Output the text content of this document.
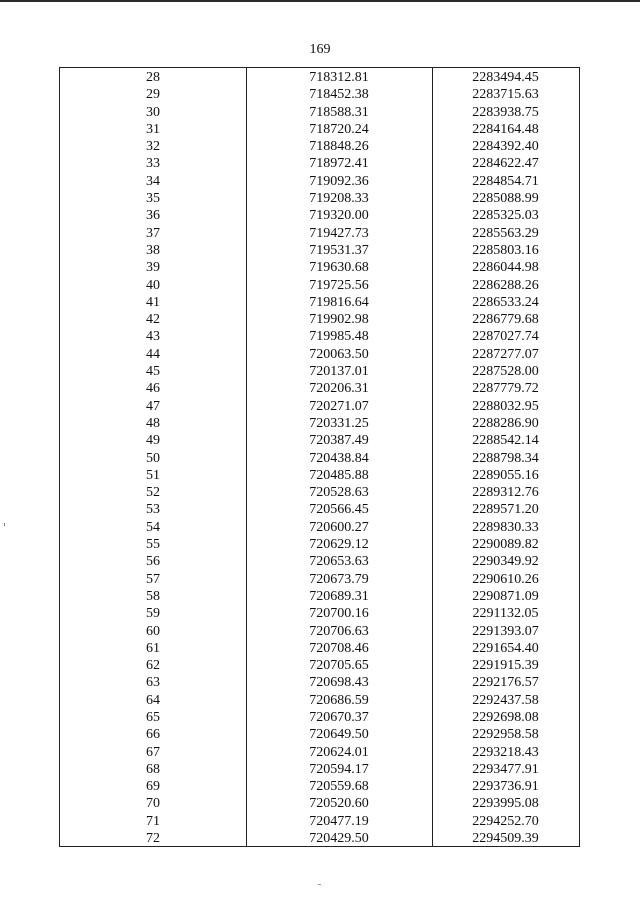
169
28	718312.81	2283494.45
29	718452.38	2283715.63
30	718588.31	2283938.75
31	718720.24	2284164.48
32	718848.26	2284392.40
33	718972.41	2284622.47
34	719092.36	2284854.71
35	719208.33	2285088.99
36	719320.00	2285325.03
37	719427.73	2285563.29
38	719531.37	2285803.16
39	719630.68	2286044.98
40	719725.56	2286288.26
41	719816.64	2286533.24
42	719902.98	2286779.68
43	719985.48	2287027.74
44	720063.50	2287277.07
45	720137.01	2287528.00
46	720206.31	2287779.72
47	720271.07	2288032.95
48	720331.25	2288286.90
49	720387.49	2288542.14
50	720438.84	2288798.34
51	720485.88	2289055.16
52	720528.63	2289312.76
53	720566.45	2289571.20
54	720600.27	2289830.33
55	720629.12	2290089.82
56	720653.63	2290349.92
57	720673.79	2290610.26
58	720689.31	2290871.09
59	720700.16	2291132.05
60	720706.63	2291393.07
61	720708.46	2291654.40
62	720705.65	2291915.39
63	720698.43	2292176.57
64	720686.59	2292437.58
65	720670.37	2292698.08
66	720649.50	2292958.58
67	720624.01	2293218.43
68	720594.17	2293477.91
69	720559.68	2293736.91
70	720520.60	2293995.08
71	720477.19	2294252.70
72	720429.50	2294509.39
